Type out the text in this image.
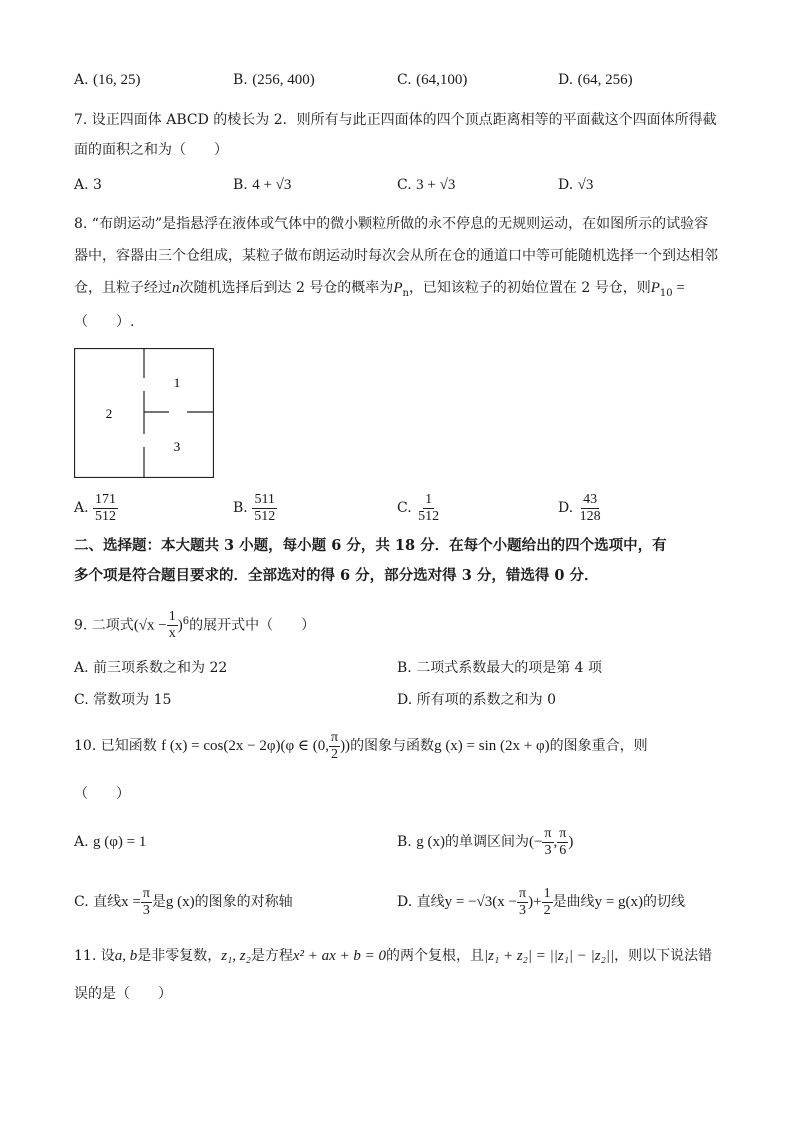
A. (16, 25)	B. (256, 400)	C. (64,100)	D. (64, 256)
7. 设正四面体 ABCD 的棱长为 2．则所有与此正四面体的四个顶点距离相等的平面截这个四面体所得截
面的面积之和为（　　）
A. 3	B. 4 + √3	C. 3 + √3	D. √3
8. “布朗运动”是指悬浮在液体或气体中的微小颗粒所做的永不停息的无规则运动，在如图所示的试验容
器中，容器由三个仓组成，某粒子做布朗运动时每次会从所在仓的通道口中等可能随机选择一个到达相邻
仓，且粒子经过n次随机选择后到达 2 号仓的概率为$P_n$，已知该粒子的初始位置在 2 号仓，则$P_{10}$ =
（　　）.
1
2
3
A. $\frac{171}{512}$	B. $\frac{511}{512}$	C. $\frac{1}{512}$	D. $\frac{43}{128}$
二、选择题：本大题共 3 小题，每小题 6 分，共 18 分．在每个小题给出的四个选项中，有
多个项是符合题目要求的．全部选对的得 6 分，部分选对得 3 分，错选得 0 分．
9. 二项式$(√x - \frac{1}{x} )^6$的展开式中（　　）
A. 前三项系数之和为 22	B. 二项式系数最大的项是第 4 项
C. 常数项为 15	D. 所有项的系数之和为 0
10. 已知函数 f (x) = cos(2x − 2φ)(φ ∈ (0, $\frac{\pi}{2}$ ))的图象与函数g (x) = sin (2x + φ)的图象重合，则
（　　）
A. g (φ) = 1	B. g (x)的单调区间为(− $\frac{\pi}{3}$ , $\frac{\pi}{6}$ )
C. 直线$x = \frac{\pi}{3}$ 是g (x)的图象的对称轴	D. 直线$y = -√3(x - \frac{\pi}{3}$ )+ $\frac{1}{2}$ 是曲线y = g(x)的切线
11. 设a, b是非零复数，z₁, z₂是方程x² + ax + b = 0的两个复根，且|z₁ + z₂| = ||z₁| − |z₂||，则以下说法错
误的是（　　）
